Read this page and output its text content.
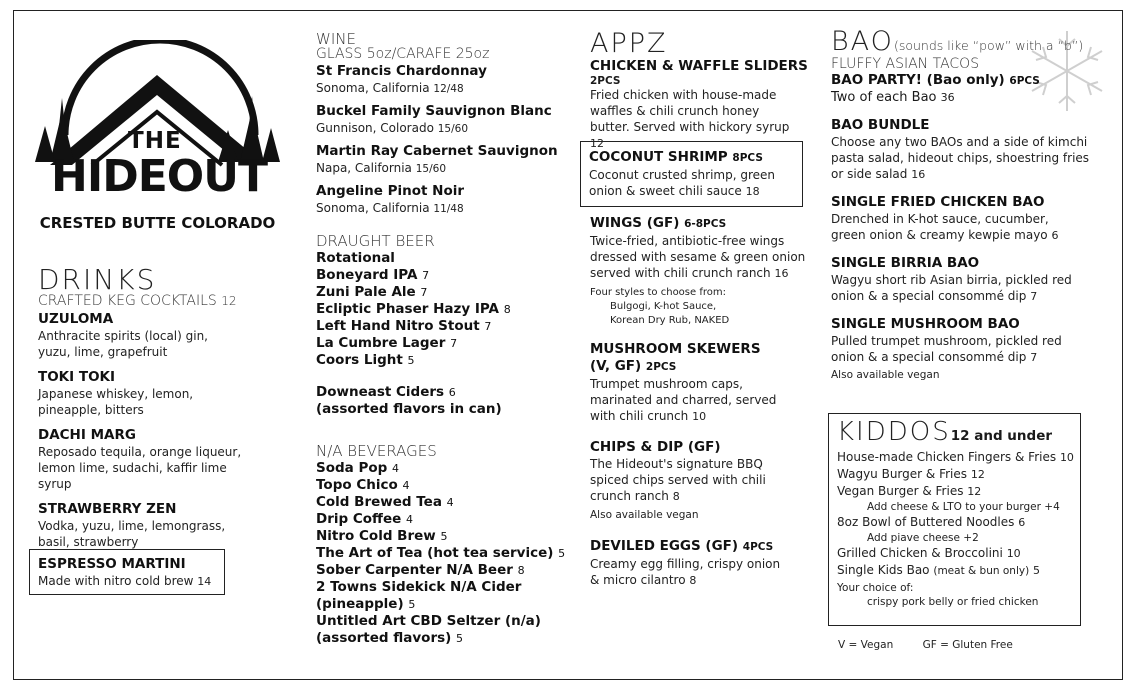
THE
HIDEOUT
CRESTED BUTTE COLORADO
DRINKS
CRAFTED KEG COCKTAILS 12
UZULOMA
Anthracite spirits (local) gin, yuzu, lime, grapefruit
TOKI TOKI
Japanese whiskey, lemon, pineapple, bitters
DACHI MARG
Reposado tequila, orange liqueur, lemon lime, sudachi, kaffir lime syrup
STRAWBERRY ZEN
Vodka, yuzu, lime, lemongrass, basil, strawberry
ESPRESSO MARTINI
Made with nitro cold brew 14
WINE
GLASS 5oz/CARAFE 25oz
St Francis Chardonnay
Sonoma, California 12/48
Buckel Family Sauvignon Blanc
Gunnison, Colorado 15/60
Martin Ray Cabernet Sauvignon
Napa, California 15/60
Angeline Pinot Noir
Sonoma, California 11/48
DRAUGHT BEER
Rotational
Boneyard IPA 7
Zuni Pale Ale 7
Ecliptic Phaser Hazy IPA 8
Left Hand Nitro Stout 7
La Cumbre Lager 7
Coors Light 5
Downeast Ciders 6
(assorted flavors in can)
N/A BEVERAGES
Soda Pop 4
Topo Chico 4
Cold Brewed Tea 4
Drip Coffee 4
Nitro Cold Brew 5
The Art of Tea (hot tea service) 5
Sober Carpenter N/A Beer 8
2 Towns Sidekick N/A Cider
(pineapple) 5
Untitled Art CBD Seltzer (n/a)
(assorted flavors) 5
APPZ
CHICKEN & WAFFLE SLIDERS
2PCS
Fried chicken with house-made waffles & chili crunch honey butter. Served with hickory syrup 12
COCONUT SHRIMP 8PCS
Coconut crusted shrimp, green onion & sweet chili sauce 18
WINGS (GF) 6-8PCS
Twice-fried, antibiotic-free wings dressed with sesame & green onion served with chili crunch ranch 16
Four styles to choose from:
Bulgogi, K-hot Sauce,
Korean Dry Rub, NAKED
MUSHROOM SKEWERS
(V, GF) 2PCS
Trumpet mushroom caps, marinated and charred, served with chili crunch 10
CHIPS & DIP (GF)
The Hideout's signature BBQ spiced chips served with chili crunch ranch 8
Also available vegan
DEVILED EGGS (GF) 4PCS
Creamy egg filling, crispy onion & micro cilantro 8
BAO(sounds like “pow” with a “b”)
FLUFFY ASIAN TACOS
BAO PARTY! (Bao only) 6PCS
Two of each Bao 36
BAO BUNDLE
Choose any two BAOs and a side of kimchi pasta salad, hideout chips, shoestring fries or side salad 16
SINGLE FRIED CHICKEN BAO
Drenched in K-hot sauce, cucumber, green onion & creamy kewpie mayo 6
SINGLE BIRRIA BAO
Wagyu short rib Asian birria, pickled red onion & a special consommé dip 7
SINGLE MUSHROOM BAO
Pulled trumpet mushroom, pickled red onion & a special consommé dip 7
Also available vegan
KIDDOS12 and under
House-made Chicken Fingers & Fries 10
Wagyu Burger & Fries 12
Vegan Burger & Fries 12
Add cheese & LTO to your burger +4
8oz Bowl of Buttered Noodles 6
Add piave cheese +2
Grilled Chicken & Broccolini 10
Single Kids Bao (meat & bun only) 5
Your choice of:
crispy pork belly or fried chicken
V = Vegan	GF = Gluten Free
